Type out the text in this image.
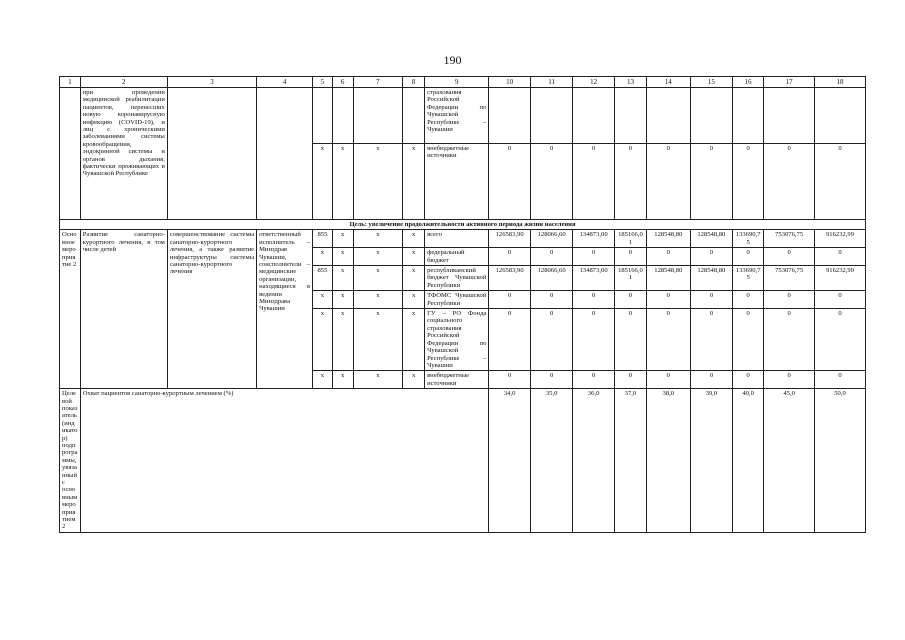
190
1	2	3	4	5	6	7	8	9	10	11	12	13	14	15	16	17	18
	при проведении медицинской реабилитации пациентов, перенесших новую коронавирусную инфекцию (COVID-19), и лиц с хроническими заболеваниями системы кровообращения, эндокринной системы и органов дыхания, фактически проживающих в Чувашской Республике							страхования Российской Федерации по Чувашской Республике – Чувашии									
				x	x	x	x	внебюджетные источники	0	0	0	0	0	0	0	0	0
Цель: увеличение продолжительности активного периода жизни населения																	
Основное мероприятие 2	Развитие санаторно-курортного лечения, в том числе детей	совершенствование системы санаторно-курортного лечения, а также развитие инфраструктуры системы санаторно-курортного лечения	ответственный исполнитель – Минздрав Чувашии, соисполнители – медицинские организации, находящиеся в ведении Минздрава Чувашии	855	x	x	x	всего	126583,90	128066,60	134873,00	185166,01	128548,80	128548,80	133690,75	753076,75	916232,99
				x	x	x	x	федеральный бюджет	0	0	0	0	0	0	0	0	0
				855	x	x	x	республиканский бюджет Чувашской Республики	126583,90	128066,60	134873,00	185166,01	128548,80	128548,80	133690,75	753076,75	916232,99
				x	x	x	x	ТФОМС Чувашской Республики	0	0	0	0	0	0	0	0	0
				x	x	x	x	ГУ – РО Фонда социального страхования Российской Федерации по Чувашской Республике – Чувашии	0	0	0	0	0	0	0	0	0
				x	x	x	x	внебюджетные источники	0	0	0	0	0	0	0	0	0
Целевой показатель (индикатор) подпрограммы, увязанный с основным мероприятием 2	Охват пациентов санаторно-курортным лечением (%)								34,0	35,0	36,0	37,0	38,0	39,0	40,0	45,0	50,0
